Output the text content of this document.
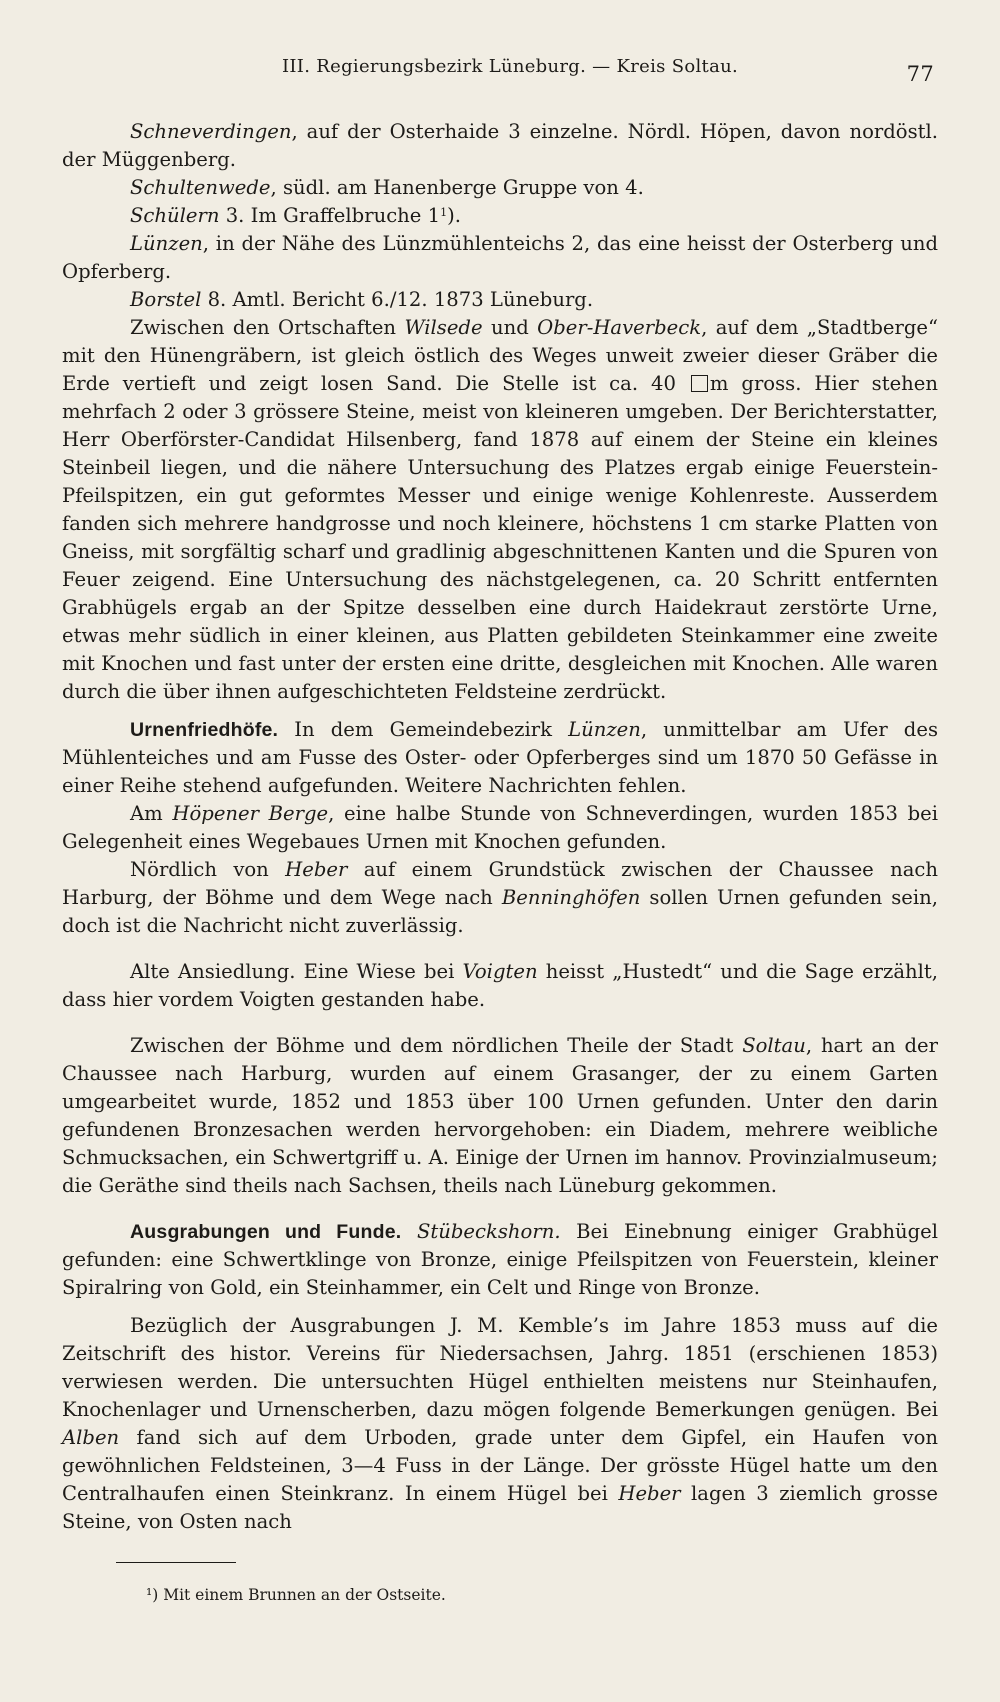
III. Regierungsbezirk Lüneburg. — Kreis Soltau.	77

Schneverdingen, auf der Osterhaide 3 einzelne. Nördl. Höpen, davon nordöstl. der Müggenberg.

Schultenwede, südl. am Hanenberge Gruppe von 4.

Schülern 3. Im Graffelbruche $1^1$).

Lünzen, in der Nähe des Lünzmühlenteichs 2, das eine heisst der Osterberg und Opferberg.

Borstel 8. Amtl. Bericht 6./12. 1873 Lüneburg.

Zwischen den Ortschaften Wilsede und Ober-Haverbeck, auf dem „Stadtberge“ mit den Hünengräbern, ist gleich östlich des Weges unweit zweier dieser Gräber die Erde vertieft und zeigt losen Sand. Die Stelle ist ca. 40 m gross. Hier stehen mehrfach 2 oder 3 grössere Steine, meist von kleineren umgeben. Der Berichterstatter, Herr Oberförster-Candidat Hilsenberg, fand 1878 auf einem der Steine ein kleines Steinbeil liegen, und die nähere Untersuchung des Platzes ergab einige Feuerstein-Pfeilspitzen, ein gut geformtes Messer und einige wenige Kohlenreste. Ausserdem fanden sich mehrere handgrosse und noch kleinere, höchstens 1 cm starke Platten von Gneiss, mit sorgfältig scharf und gradlinig abgeschnittenen Kanten und die Spuren von Feuer zeigend. Eine Untersuchung des nächstgelegenen, ca. 20 Schritt entfernten Grabhügels ergab an der Spitze desselben eine durch Haidekraut zerstörte Urne, etwas mehr südlich in einer kleinen, aus Platten gebildeten Steinkammer eine zweite mit Knochen und fast unter der ersten eine dritte, desgleichen mit Knochen. Alle waren durch die über ihnen aufgeschichteten Feldsteine zerdrückt.

Urnenfriedhöfe. In dem Gemeindebezirk Lünzen, unmittelbar am Ufer des Mühlenteiches und am Fusse des Oster- oder Opferberges sind um 1870 50 Gefässe in einer Reihe stehend aufgefunden. Weitere Nachrichten fehlen.

Am Höpener Berge, eine halbe Stunde von Schneverdingen, wurden 1853 bei Gelegenheit eines Wegebaues Urnen mit Knochen gefunden.

Nördlich von Heber auf einem Grundstück zwischen der Chaussee nach Harburg, der Böhme und dem Wege nach Benninghöfen sollen Urnen gefunden sein, doch ist die Nachricht nicht zuverlässig.

Alte Ansiedlung. Eine Wiese bei Voigten heisst „Hustedt“ und die Sage erzählt, dass hier vordem Voigten gestanden habe.

Zwischen der Böhme und dem nördlichen Theile der Stadt Soltau, hart an der Chaussee nach Harburg, wurden auf einem Grasanger, der zu einem Garten umgearbeitet wurde, 1852 und 1853 über 100 Urnen gefunden. Unter den darin gefundenen Bronzesachen werden hervorgehoben: ein Diadem, mehrere weibliche Schmucksachen, ein Schwertgriff u. A. Einige der Urnen im hannov. Provinzialmuseum; die Geräthe sind theils nach Sachsen, theils nach Lüneburg gekommen.

Ausgrabungen und Funde. Stübeckshorn. Bei Einebnung einiger Grabhügel gefunden: eine Schwertklinge von Bronze, einige Pfeilspitzen von Feuerstein, kleiner Spiralring von Gold, ein Steinhammer, ein Celt und Ringe von Bronze.

Bezüglich der Ausgrabungen J. M. Kemble’s im Jahre 1853 muss auf die Zeitschrift des histor. Vereins für Niedersachsen, Jahrg. 1851 (erschienen 1853) verwiesen werden. Die untersuchten Hügel enthielten meistens nur Steinhaufen, Knochenlager und Urnenscherben, dazu mögen folgende Bemerkungen genügen. Bei Alben fand sich auf dem Urboden, grade unter dem Gipfel, ein Haufen von gewöhnlichen Feldsteinen, 3—4 Fuss in der Länge. Der grösste Hügel hatte um den Centralhaufen einen Steinkranz. In einem Hügel bei Heber lagen 3 ziemlich grosse Steine, von Osten nach

¹) Mit einem Brunnen an der Ostseite.
